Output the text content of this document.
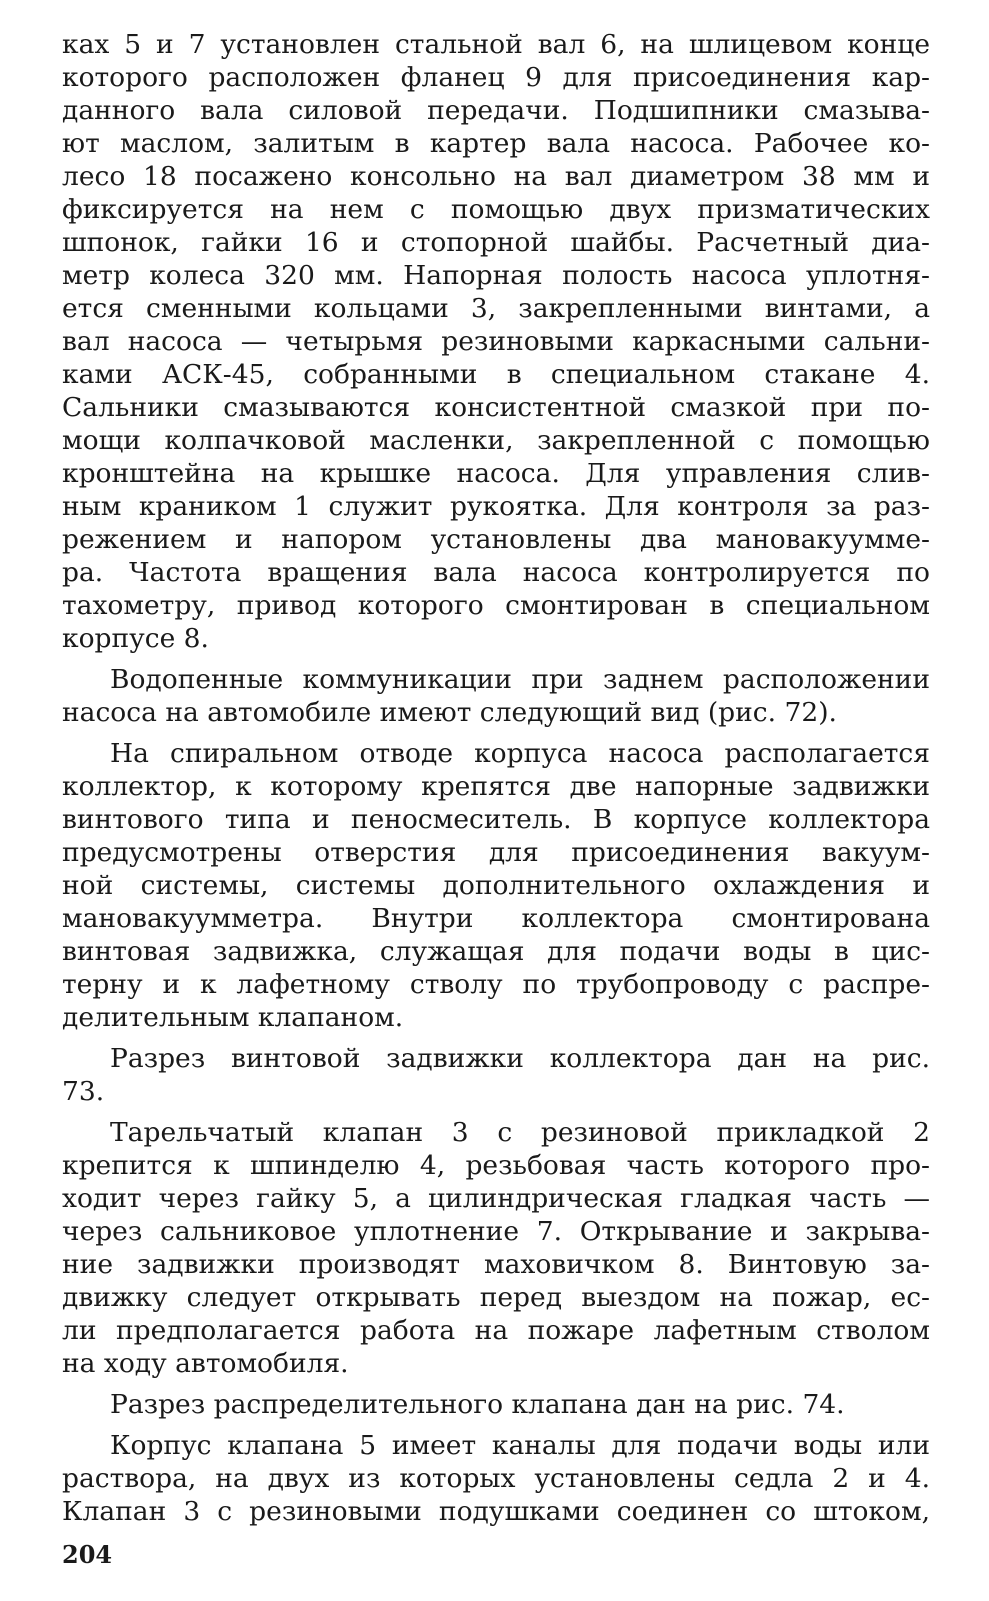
ках 5 и 7 установлен стальной вал 6, на шлицевом конце
которого расположен фланец 9 для присоединения кар-
данного вала силовой передачи. Подшипники смазыва-
ют маслом, залитым в картер вала насоса. Рабочее ко-
лесо 18 посажено консольно на вал диаметром 38 мм и
фиксируется на нем с помощью двух призматических
шпонок, гайки 16 и стопорной шайбы. Расчетный диа-
метр колеса 320 мм. Напорная полость насоса уплотня-
ется сменными кольцами 3, закрепленными винтами, а
вал насоса — четырьмя резиновыми каркасными сальни-
ками АСК-45, собранными в специальном стакане 4.
Сальники смазываются консистентной смазкой при по-
мощи колпачковой масленки, закрепленной с помощью
кронштейна на крышке насоса. Для управления слив-
ным краником 1 служит рукоятка. Для контроля за раз-
режением и напором установлены два мановакуумме-
ра. Частота вращения вала насоса контролируется по
тахометру, привод которого смонтирован в специальном
корпусе 8.
Водопенные коммуникации при заднем расположении
насоса на автомобиле имеют следующий вид (рис. 72).
На спиральном отводе корпуса насоса располагается
коллектор, к которому крепятся две напорные задвижки
винтового типа и пеносмеситель. В корпусе коллектора
предусмотрены отверстия для присоединения вакуум-
ной системы, системы дополнительного охлаждения и
мановакуумметра. Внутри коллектора смонтирована
винтовая задвижка, служащая для подачи воды в цис-
терну и к лафетному стволу по трубопроводу с распре-
делительным клапаном.
Разрез винтовой задвижки коллектора дан на рис.
73.
Тарельчатый клапан 3 с резиновой прикладкой 2
крепится к шпинделю 4, резьбовая часть которого про-
ходит через гайку 5, а цилиндрическая гладкая часть —
через сальниковое уплотнение 7. Открывание и закрыва-
ние задвижки производят маховичком 8. Винтовую за-
движку следует открывать перед выездом на пожар, ес-
ли предполагается работа на пожаре лафетным стволом
на ходу автомобиля.
Разрез распределительного клапана дан на рис. 74.
Корпус клапана 5 имеет каналы для подачи воды или
раствора, на двух из которых установлены седла 2 и 4.
Клапан 3 с резиновыми подушками соединен со штоком,
204
